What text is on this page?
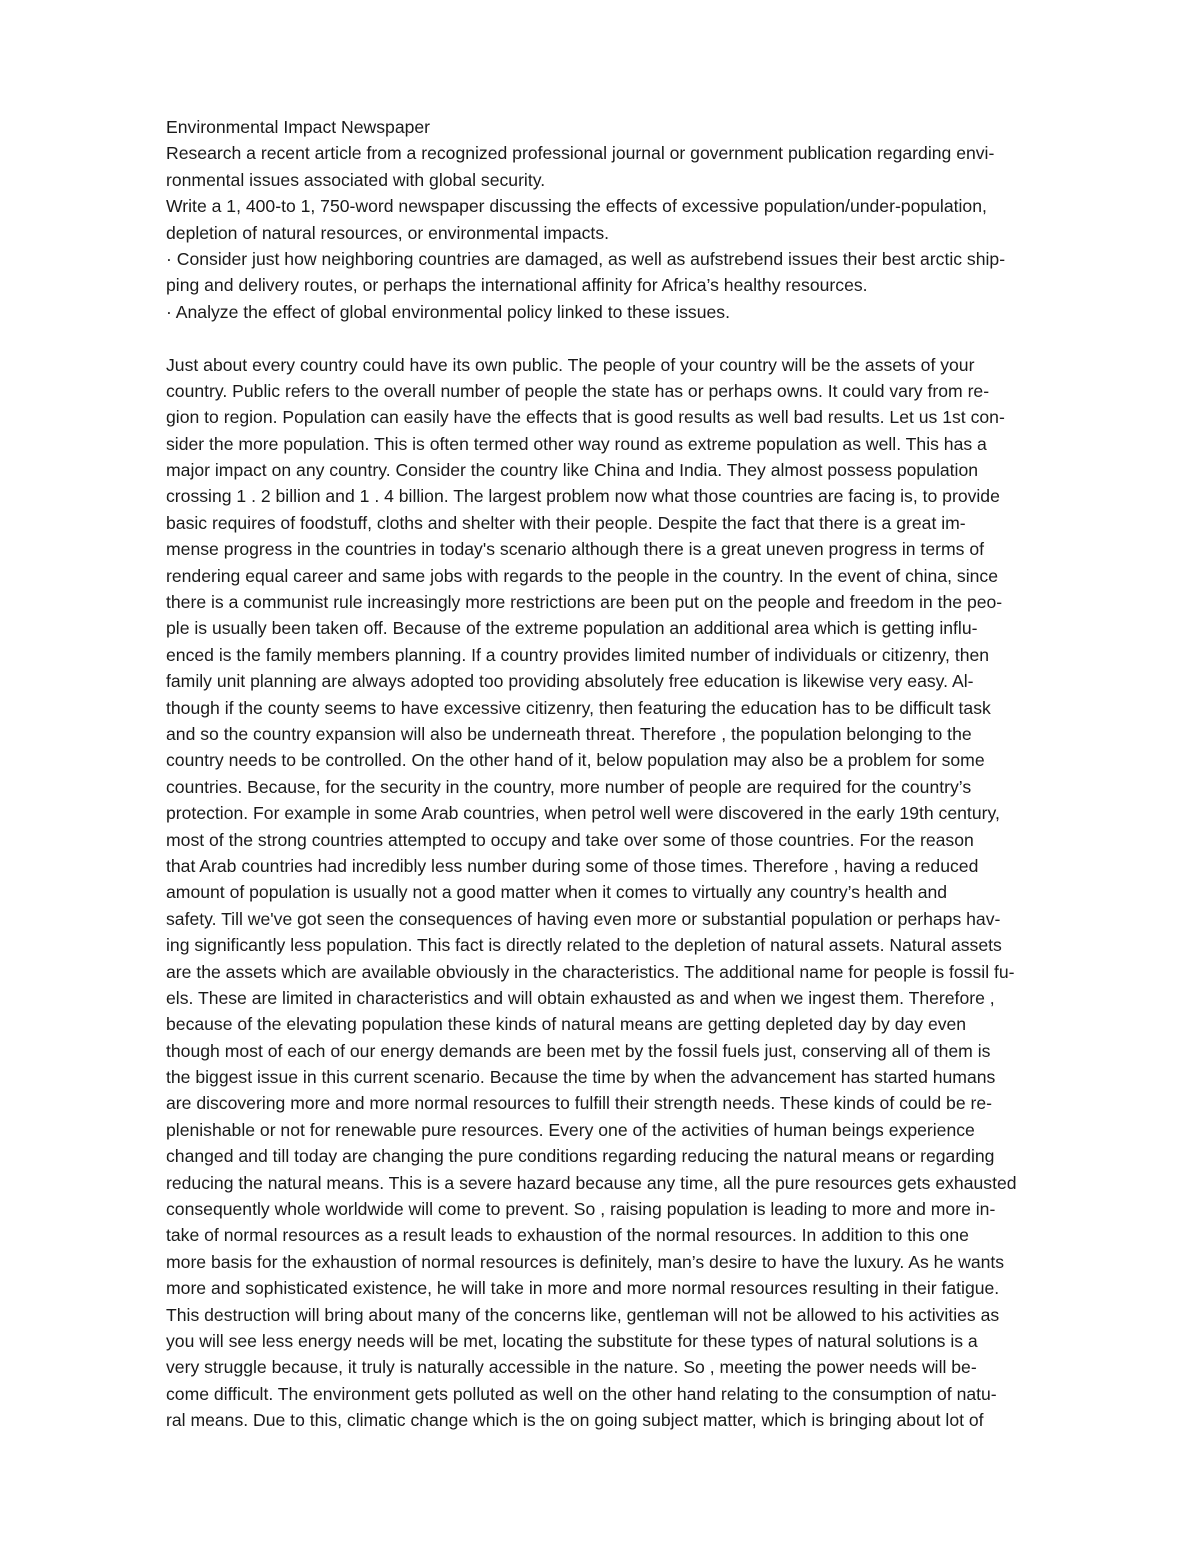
Environmental Impact Newspaper
Research a recent article from a recognized professional journal or government publication regarding envi-
ronmental issues associated with global security.
Write a 1, 400-to 1, 750-word newspaper discussing the effects of excessive population/under-population,
depletion of natural resources, or environmental impacts.
· Consider just how neighboring countries are damaged, as well as aufstrebend issues their best arctic ship-
ping and delivery routes, or perhaps the international affinity for Africa’s healthy resources.
· Analyze the effect of global environmental policy linked to these issues.
Just about every country could have its own public. The people of your country will be the assets of your
country. Public refers to the overall number of people the state has or perhaps owns. It could vary from re-
gion to region. Population can easily have the effects that is good results as well bad results. Let us 1st con-
sider the more population. This is often termed other way round as extreme population as well. This has a
major impact on any country. Consider the country like China and India. They almost possess population
crossing 1 . 2 billion and 1 . 4 billion. The largest problem now what those countries are facing is, to provide
basic requires of foodstuff, cloths and shelter with their people. Despite the fact that there is a great im-
mense progress in the countries in today's scenario although there is a great uneven progress in terms of
rendering equal career and same jobs with regards to the people in the country. In the event of china, since
there is a communist rule increasingly more restrictions are been put on the people and freedom in the peo-
ple is usually been taken off. Because of the extreme population an additional area which is getting influ-
enced is the family members planning. If a country provides limited number of individuals or citizenry, then
family unit planning are always adopted too providing absolutely free education is likewise very easy. Al-
though if the county seems to have excessive citizenry, then featuring the education has to be difficult task
and so the country expansion will also be underneath threat. Therefore , the population belonging to the
country needs to be controlled. On the other hand of it, below population may also be a problem for some
countries. Because, for the security in the country, more number of people are required for the country’s
protection. For example in some Arab countries, when petrol well were discovered in the early 19th century,
most of the strong countries attempted to occupy and take over some of those countries. For the reason
that Arab countries had incredibly less number during some of those times. Therefore , having a reduced
amount of population is usually not a good matter when it comes to virtually any country’s health and
safety. Till we've got seen the consequences of having even more or substantial population or perhaps hav-
ing significantly less population. This fact is directly related to the depletion of natural assets. Natural assets
are the assets which are available obviously in the characteristics. The additional name for people is fossil fu-
els. These are limited in characteristics and will obtain exhausted as and when we ingest them. Therefore ,
because of the elevating population these kinds of natural means are getting depleted day by day even
though most of each of our energy demands are been met by the fossil fuels just, conserving all of them is
the biggest issue in this current scenario. Because the time by when the advancement has started humans
are discovering more and more normal resources to fulfill their strength needs. These kinds of could be re-
plenishable or not for renewable pure resources. Every one of the activities of human beings experience
changed and till today are changing the pure conditions regarding reducing the natural means or regarding
reducing the natural means. This is a severe hazard because any time, all the pure resources gets exhausted
consequently whole worldwide will come to prevent. So , raising population is leading to more and more in-
take of normal resources as a result leads to exhaustion of the normal resources. In addition to this one
more basis for the exhaustion of normal resources is definitely, man’s desire to have the luxury. As he wants
more and sophisticated existence, he will take in more and more normal resources resulting in their fatigue.
This destruction will bring about many of the concerns like, gentleman will not be allowed to his activities as
you will see less energy needs will be met, locating the substitute for these types of natural solutions is a
very struggle because, it truly is naturally accessible in the nature. So , meeting the power needs will be-
come difficult. The environment gets polluted as well on the other hand relating to the consumption of natu-
ral means. Due to this, climatic change which is the on going subject matter, which is bringing about lot of
